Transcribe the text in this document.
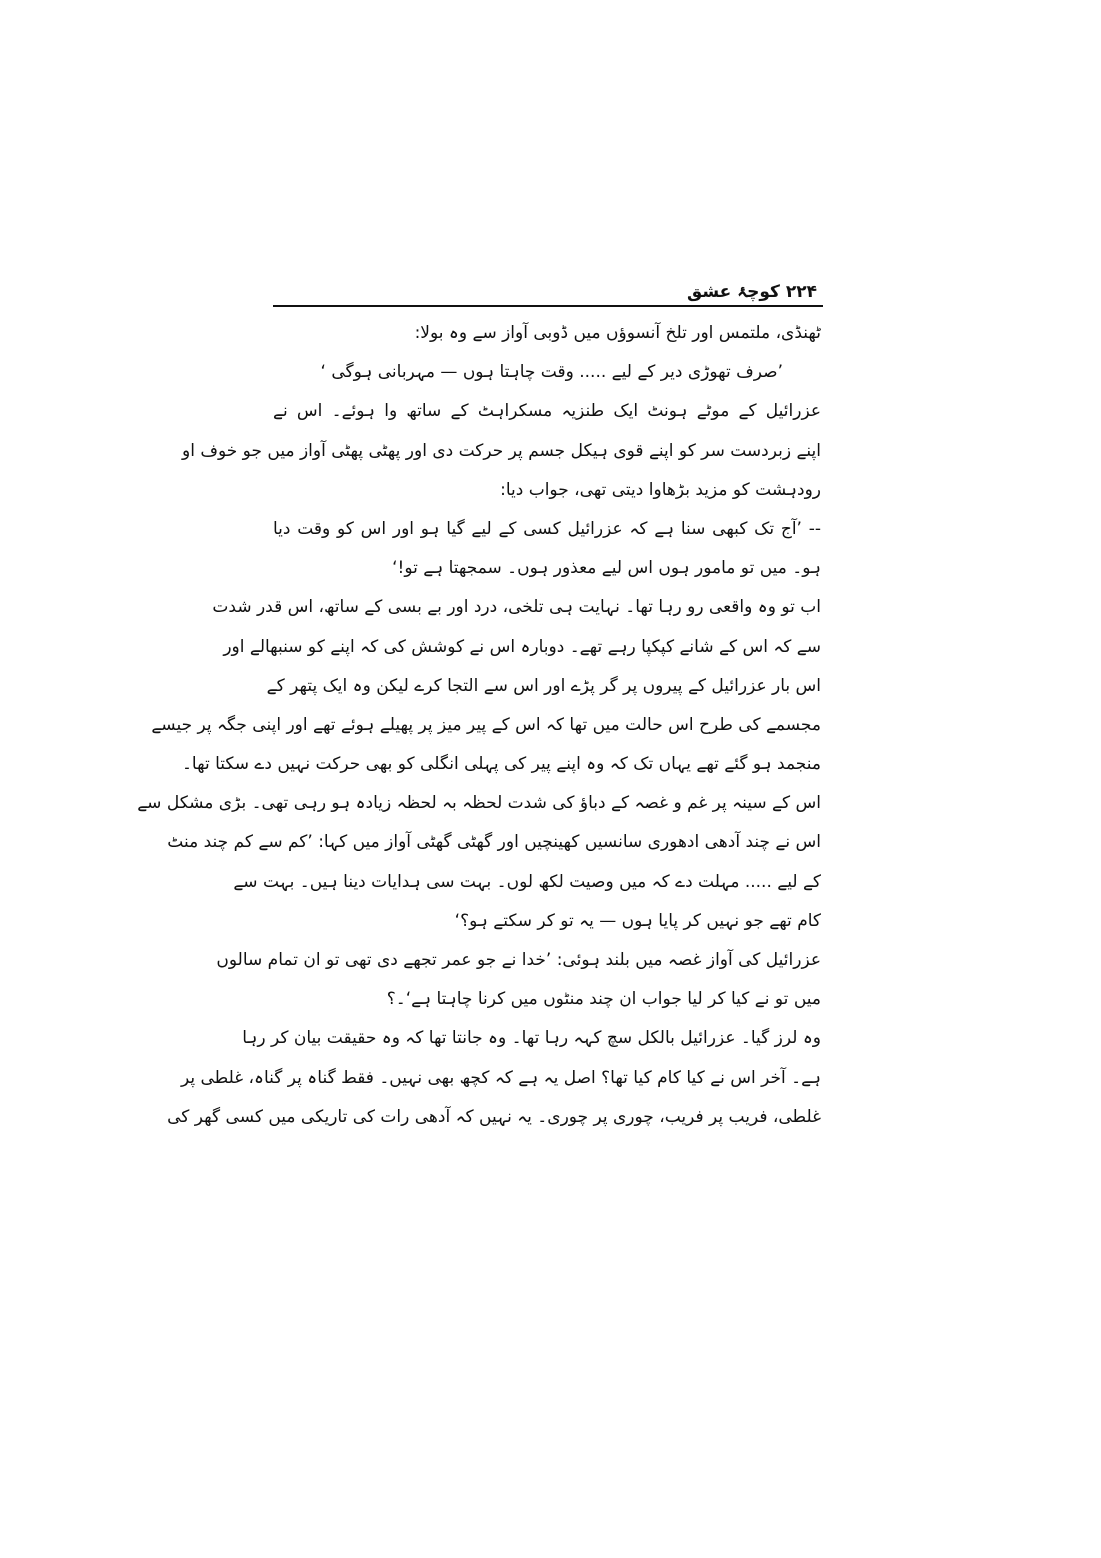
۲۲۴ کوچۂ عشق
ٹھنڈی، ملتمس اور تلخ آنسوؤں میں ڈوبی آواز سے وہ بولا:
’صرف تھوڑی دیر کے لیے ..... وقت چاہتا ہوں — مہربانی ہوگی ‘
عزرائیل کے موٹے ہونٹ ایک طنزیہ مسکراہٹ کے ساتھ وا ہوئے۔ اس نے
اپنے زبردست سر کو اپنے قوی ہیکل جسم پر حرکت دی اور پھٹی پھٹی آواز میں جو خوف او
رودہشت کو مزید بڑھاوا دیتی تھی، جواب دیا:
-- ’آج تک کبھی سنا ہے کہ عزرائیل کسی کے لیے گیا ہو اور اس کو وقت دیا
ہو۔ میں تو مامور ہوں اس لیے معذور ہوں۔ سمجھتا ہے تو!‘
اب تو وہ واقعی رو رہا تھا۔ نہایت ہی تلخی، درد اور بے بسی کے ساتھ، اس قدر شدت
سے کہ اس کے شانے کپکپا رہے تھے۔ دوبارہ اس نے کوشش کی کہ اپنے کو سنبھالے اور
اس بار عزرائیل کے پیروں پر گر پڑے اور اس سے التجا کرے لیکن وہ ایک پتھر کے
مجسمے کی طرح اس حالت میں تھا کہ اس کے پیر میز پر پھیلے ہوئے تھے اور اپنی جگہ پر جیسے
منجمد ہو گئے تھے یہاں تک کہ وہ اپنے پیر کی پہلی انگلی کو بھی حرکت نہیں دے سکتا تھا۔
اس کے سینہ پر غم و غصہ کے دباؤ کی شدت لحظہ بہ لحظہ زیادہ ہو رہی تھی۔ بڑی مشکل سے
اس نے چند آدھی ادھوری سانسیں کھینچیں اور گھٹی گھٹی آواز میں کہا: ’کم سے کم چند منٹ
کے لیے ..... مہلت دے کہ میں وصیت لکھ لوں۔ بہت سی ہدایات دینا ہیں۔ بہت سے
کام تھے جو نہیں کر پایا ہوں — یہ تو کر سکتے ہو؟‘
عزرائیل کی آواز غصہ میں بلند ہوئی: ’خدا نے جو عمر تجھے دی تھی تو ان تمام سالوں
میں تو نے کیا کر لیا جواب ان چند منٹوں میں کرنا چاہتا ہے‘۔؟
وہ لرز گیا۔ عزرائیل بالکل سچ کہہ رہا تھا۔ وہ جانتا تھا کہ وہ حقیقت بیان کر رہا
ہے۔ آخر اس نے کیا کام کیا تھا؟ اصل یہ ہے کہ کچھ بھی نہیں۔ فقط گناہ پر گناہ، غلطی پر
غلطی، فریب پر فریب، چوری پر چوری۔ یہ نہیں کہ آدھی رات کی تاریکی میں کسی گھر کی
